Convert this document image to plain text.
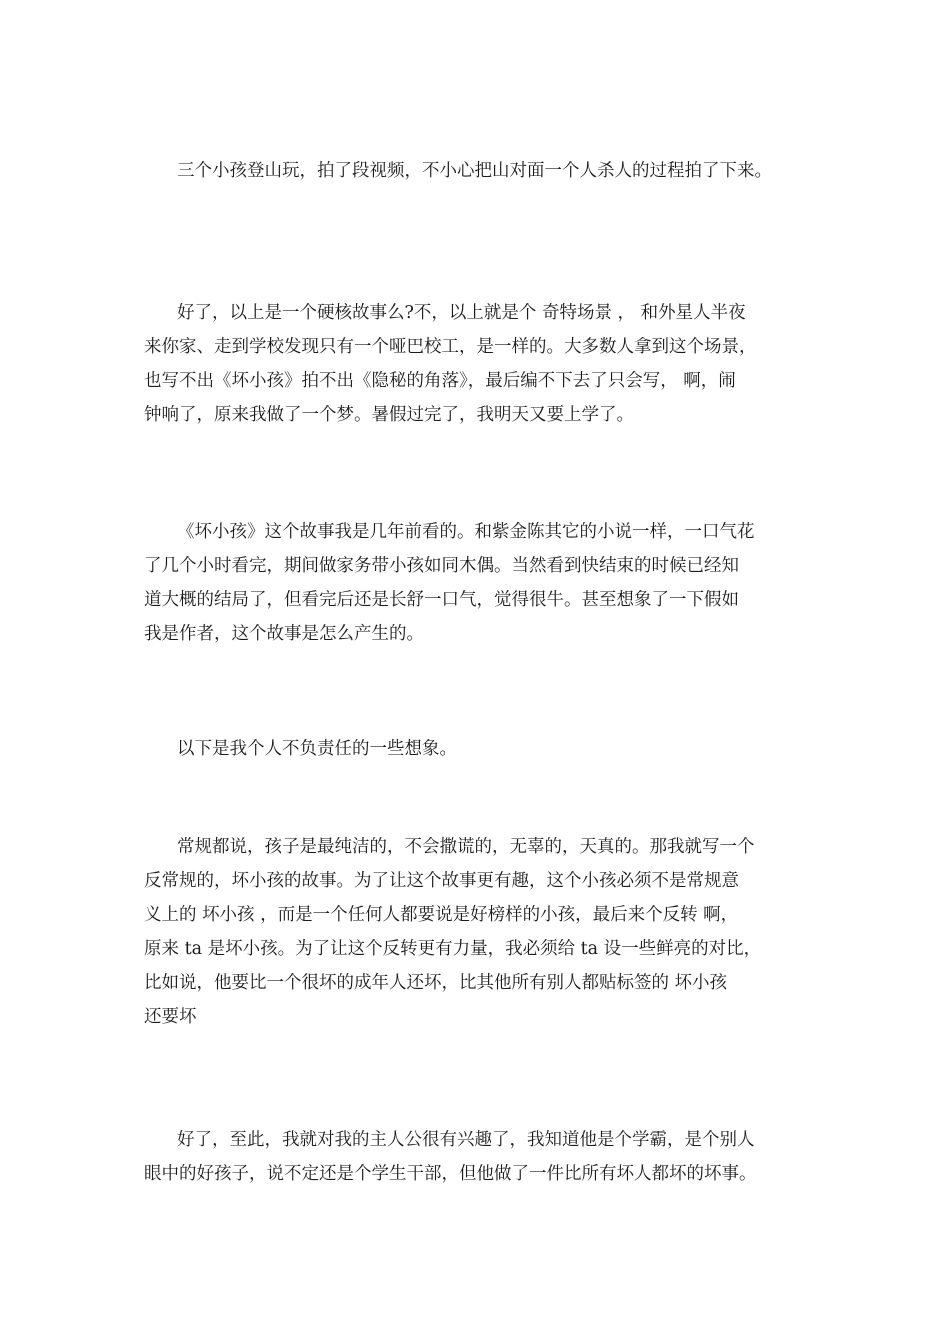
三个小孩登山玩，拍了段视频，不小心把山对面一个人杀人的过程拍了下来。
好了，以上是一个硬核故事么?不，以上就是个 奇特场景 ， 和外星人半夜
来你家、走到学校发现只有一个哑巴校工，是一样的。大多数人拿到这个场景，
也写不出《坏小孩》拍不出《隐秘的角落》，最后编不下去了只会写， 啊，闹
钟响了，原来我做了一个梦。暑假过完了，我明天又要上学了。
《坏小孩》这个故事我是几年前看的。和紫金陈其它的小说一样，一口气花
了几个小时看完，期间做家务带小孩如同木偶。当然看到快结束的时候已经知
道大概的结局了，但看完后还是长舒一口气，觉得很牛。甚至想象了一下假如
我是作者，这个故事是怎么产生的。
以下是我个人不负责任的一些想象。
常规都说，孩子是最纯洁的，不会撒谎的，无辜的，天真的。那我就写一个
反常规的，坏小孩的故事。为了让这个故事更有趣，这个小孩必须不是常规意
义上的 坏小孩 ，而是一个任何人都要说是好榜样的小孩，最后来个反转 啊，
原来 ta 是坏小孩。为了让这个反转更有力量，我必须给 ta 设一些鲜亮的对比，
比如说，他要比一个很坏的成年人还坏，比其他所有别人都贴标签的 坏小孩
还要坏
好了，至此，我就对我的主人公很有兴趣了，我知道他是个学霸，是个别人
眼中的好孩子，说不定还是个学生干部，但他做了一件比所有坏人都坏的坏事。
